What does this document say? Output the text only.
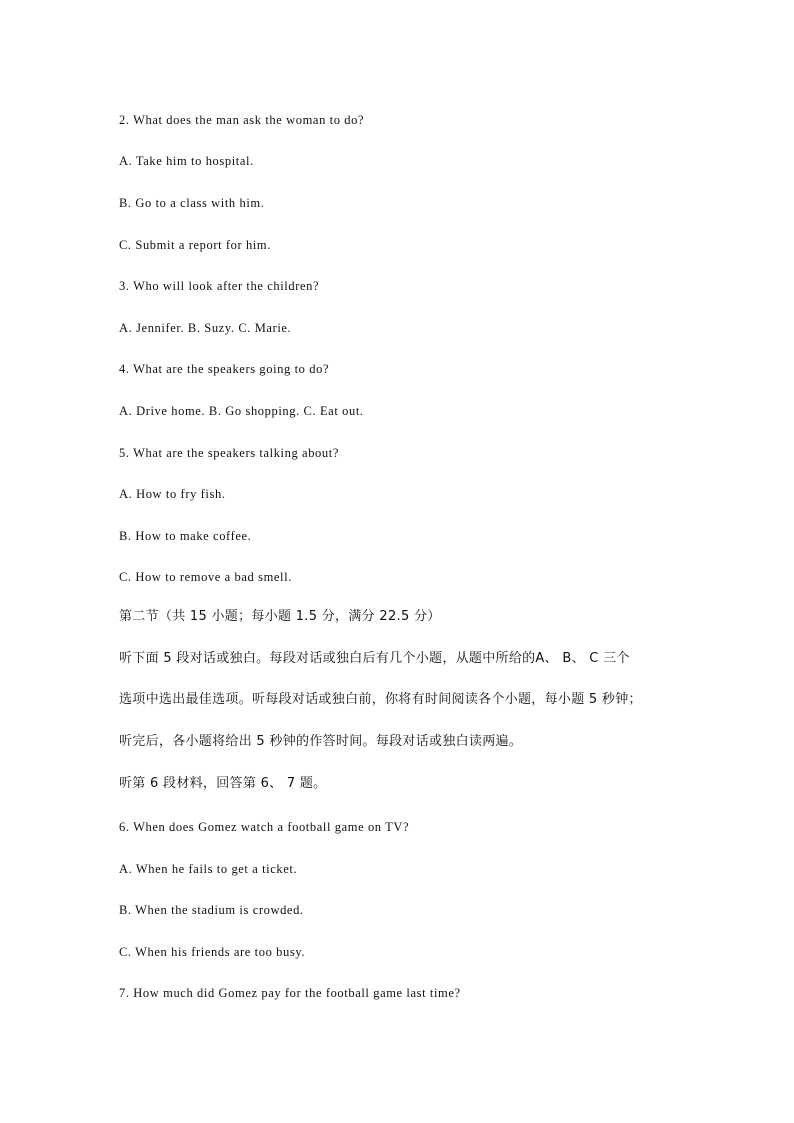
2. What does the man ask the woman to do?
A. Take him to hospital.
B. Go to a class with him.
C. Submit a report for him.
3. Who will look after the children?
A. Jennifer. B. Suzy. C. Marie.
4. What are the speakers going to do?
A. Drive home. B. Go shopping. C. Eat out.
5. What are the speakers talking about?
A. How to fry fish.
B. How to make coffee.
C. How to remove a bad smell.
第二节（共 15 小题；每小题 1.5 分，满分 22.5 分）
听下面 5 段对话或独白。每段对话或独白后有几个小题，从题中所给的A、 B、 C 三个
选项中选出最佳选项。听每段对话或独白前，你将有时间阅读各个小题，每小题 5 秒钟；
听完后，各小题将给出 5 秒钟的作答时间。每段对话或独白读两遍。
听第 6 段材料，回答第 6、 7 题。
6. When does Gomez watch a football game on TV?
A. When he fails to get a ticket.
B. When the stadium is crowded.
C. When his friends are too busy.
7. How much did Gomez pay for the football game last time?
